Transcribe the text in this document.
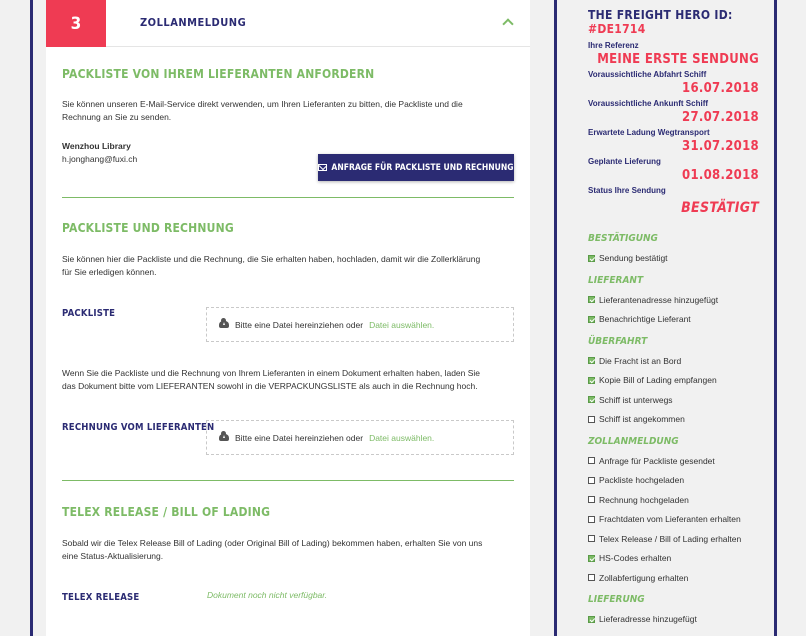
3	ZOLLANMELDUNG
PACKLISTE VON IHREM LIEFERANTEN ANFORDERN
Sie können unseren E-Mail-Service direkt verwenden, um Ihren Lieferanten zu bitten, die Packliste und die
Rechnung an Sie zu senden.
Wenzhou Library
h.jonghang@fuxi.ch
ANFRAGE FÜR PACKLISTE UND RECHNUNG
PACKLISTE UND RECHNUNG
Sie können hier die Packliste und die Rechnung, die Sie erhalten haben, hochladen, damit wir die Zollerklärung
für Sie erledigen können.
PACKLISTE
Bitte eine Datei hereinziehen oder Datei auswählen.
Wenn Sie die Packliste und die Rechnung von Ihrem Lieferanten in einem Dokument erhalten haben, laden Sie
das Dokument bitte vom LIEFERANTEN sowohl in die VERPACKUNGSLISTE als auch in die Rechnung hoch.
RECHNUNG VOM LIEFERANTEN
Bitte eine Datei hereinziehen oder Datei auswählen.
TELEX RELEASE / BILL OF LADING
Sobald wir die Telex Release Bill of Lading (oder Original Bill of Lading) bekommen haben, erhalten Sie von uns
eine Status-Aktualisierung.
TELEX RELEASE	Dokument noch nicht verfügbar.
THE FREIGHT HERO ID: #DE1714
Ihre Referenz
MEINE ERSTE SENDUNG
Voraussichtliche Abfahrt Schiff
16.07.2018
Voraussichtliche Ankunft Schiff
27.07.2018
Erwartete Ladung Wegtransport
31.07.2018
Geplante Lieferung
01.08.2018
Status Ihre Sendung
BESTÄTIGT
BESTÄTIGUNG
Sendung bestätigt
LIEFERANT
Lieferantenadresse hinzugefügt
Benachrichtige Lieferant
ÜBERFAHRT
Die Fracht ist an Bord
Kopie Bill of Lading empfangen
Schiff ist unterwegs
Schiff ist angekommen
ZOLLANMELDUNG
Anfrage für Packliste gesendet
Packliste hochgeladen
Rechnung hochgeladen
Frachtdaten vom Lieferanten erhalten
Telex Release / Bill of Lading erhalten
HS-Codes erhalten
Zollabfertigung erhalten
LIEFERUNG
Lieferadresse hinzugefügt
